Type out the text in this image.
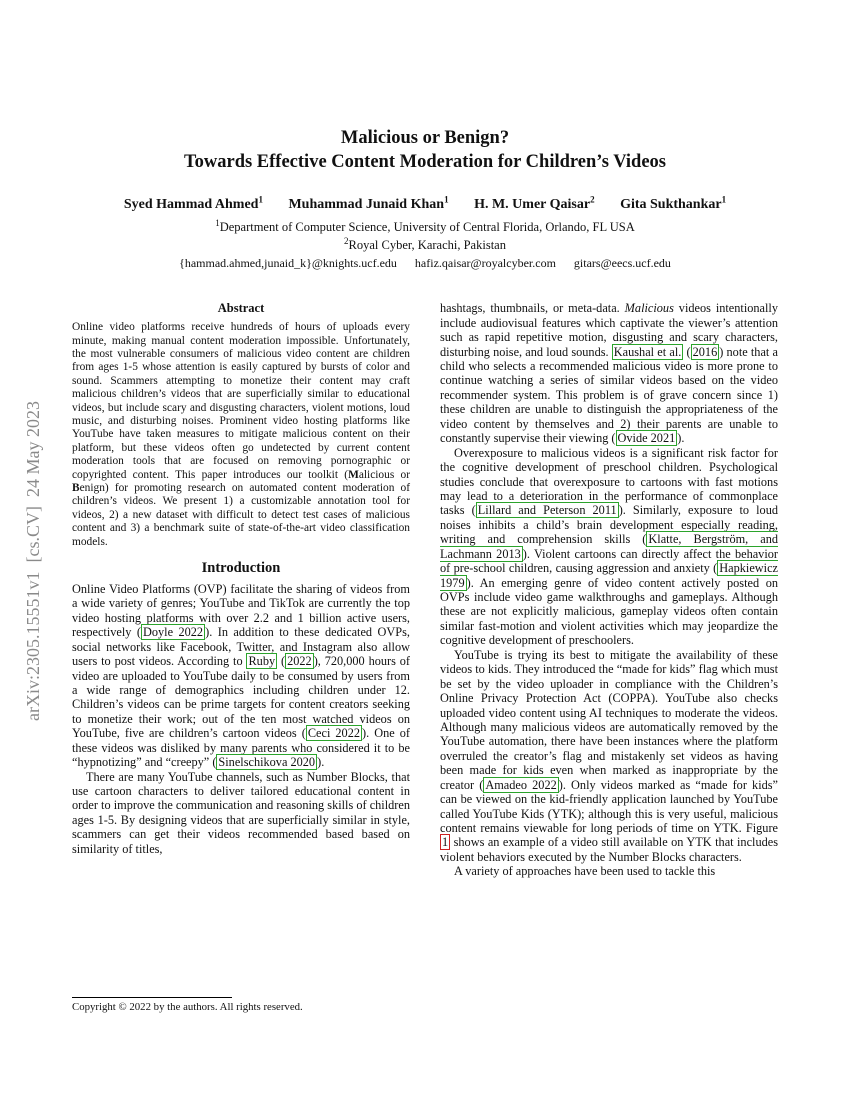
arXiv:2305.15551v1  [cs.CV]  24 May 2023
Malicious or Benign?
Towards Effective Content Moderation for Children’s Videos
Syed Hammad Ahmed$^1$ Muhammad Junaid Khan$^1$ H. M. Umer Qaisar$^2$ Gita Sukthankar$^1$
$^1$Department of Computer Science, University of Central Florida, Orlando, FL USA
$^2$Royal Cyber, Karachi, Pakistan
{hammad.ahmed,junaid_k}@knights.ucf.edu hafiz.qaisar@royalcyber.com gitars@eecs.ucf.edu
Abstract

Online video platforms receive hundreds of hours of uploads every minute, making manual content moderation impossible. Unfortunately, the most vulnerable consumers of malicious video content are children from ages 1-5 whose attention is easily captured by bursts of color and sound. Scammers attempting to monetize their content may craft malicious children’s videos that are superficially similar to educational videos, but include scary and disgusting characters, violent motions, loud music, and disturbing noises. Prominent video hosting platforms like YouTube have taken measures to mitigate malicious content on their platform, but these videos often go undetected by current content moderation tools that are focused on removing pornographic or copyrighted content. This paper introduces our toolkit (Malicious or Benign) for promoting research on automated content moderation of children’s videos. We present 1) a customizable annotation tool for videos, 2) a new dataset with difficult to detect test cases of malicious content and 3) a benchmark suite of state-of-the-art video classification models.

Introduction

Online Video Platforms (OVP) facilitate the sharing of videos from a wide variety of genres; YouTube and TikTok are currently the top video hosting platforms with over 2.2 and 1 billion active users, respectively ( Doyle 2022 ). In addition to these dedicated OVPs, social networks like Facebook, Twitter, and Instagram also allow users to post videos. According to Ruby ( 2022 ), 720,000 hours of video are uploaded to YouTube daily to be consumed by users from a wide range of demographics including children under 12. Children’s videos can be prime targets for content creators seeking to monetize their work; out of the ten most watched videos on YouTube, five are children’s cartoon videos ( Ceci 2022 ). One of these videos was disliked by many parents who considered it to be “hypnotizing” and “creepy” ( Sinelschikova 2020 ).

There are many YouTube channels, such as Number Blocks, that use cartoon characters to deliver tailored educational content in order to improve the communication and reasoning skills of children ages 1-5. By designing videos that are superficially similar in style, scammers can get their videos recommended based based on similarity of titles,

Copyright © 2022 by the authors. All rights reserved.

hashtags, thumbnails, or meta-data. Malicious videos intentionally include audiovisual features which captivate the viewer’s attention such as rapid repetitive motion, disgusting and scary characters, disturbing noise, and loud sounds. Kaushal et al. ( 2016 ) note that a child who selects a recommended malicious video is more prone to continue watching a series of similar videos based on the video recommender system. This problem is of grave concern since 1) these children are unable to distinguish the appropriateness of the video content by themselves and 2) their parents are unable to constantly supervise their viewing ( Ovide 2021 ).

Overexposure to malicious videos is a significant risk factor for the cognitive development of preschool children. Psychological studies conclude that overexposure to cartoons with fast motions may lead to a deterioration in the performance of commonplace tasks ( Lillard and Peterson 2011 ). Similarly, exposure to loud noises inhibits a child’s brain development especially reading, writing and comprehension skills ( Klatte, Bergström, and Lachmann 2013 ). Violent cartoons can directly affect the behavior of pre-school children, causing aggression and anxiety ( Hapkiewicz 1979 ). An emerging genre of video content actively posted on OVPs include video game walkthroughs and gameplays. Although these are not explicitly malicious, gameplay videos often contain similar fast-motion and violent activities which may jeopardize the cognitive development of preschoolers.

YouTube is trying its best to mitigate the availability of these videos to kids. They introduced the “made for kids” flag which must be set by the video uploader in compliance with the Children’s Online Privacy Protection Act (COPPA). YouTube also checks uploaded video content using AI techniques to moderate the videos. Although many malicious videos are automatically removed by the YouTube automation, there have been instances where the platform overruled the creator’s flag and mistakenly set videos as having been made for kids even when marked as inappropriate by the creator ( Amadeo 2022 ). Only videos marked as “made for kids” can be viewed on the kid-friendly application launched by YouTube called YouTube Kids (YTK); although this is very useful, malicious content remains viewable for long periods of time on YTK. Figure 1 shows an example of a video still available on YTK that includes violent behaviors executed by the Number Blocks characters.

A variety of approaches have been used to tackle this
